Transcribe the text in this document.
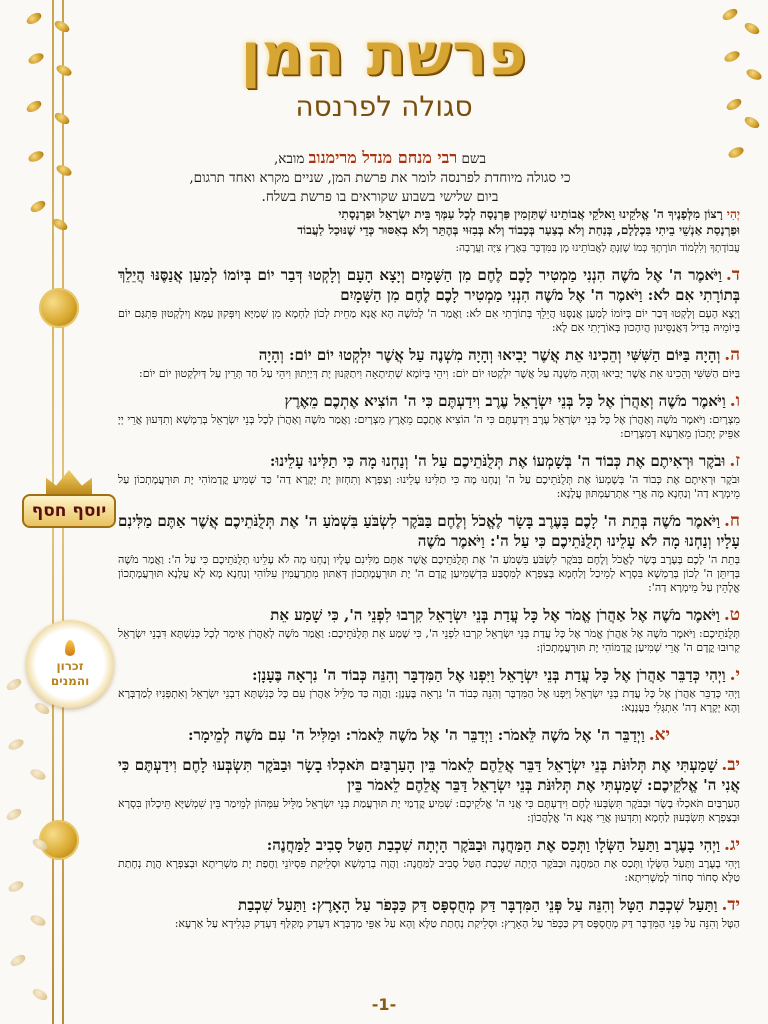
פרשת המן
סגולה לפרנסה
בשם רבי מנחם מנדל מרימנוב מובא,
כי סגולה מיוחדת לפרנסה לומר את פרשת המן, שניים מקרא ואחד תרגום,
ביום שלישי בשבוע שקוראים בו פרשת בשלח.
יְהִי רָצוֹן מִלְּפָנֶיךָ ה' אֱלֹקֵינוּ וֵאלֹקֵי אֲבוֹתֵינוּ שֶׁתַּזְמִין פַּרְנָסָה לְכָל עַמְּךָ בֵּית יִשְׂרָאֵל וּפַרְנָסָתִי
וּפַרְנָסַת אַנְשֵׁי בֵיתִי בִּכְלָלָם, בְּנַחַת וְלֹא בְצַעַר בְּכָבוֹד וְלֹא בְּבִזּוּי בְּהֶתֵּר וְלֹא בְאִסּוּר כְּדֵי שֶׁנּוּכַל לַעֲבוֹד
עֲבוֹדָתְךָ וְלִלְמוֹד תּוֹרָתְךָ כְּמוֹ שֶׁזַּנְתָּ לַאֲבוֹתֵינוּ מָן בַּמִּדְבָּר בְּאֶרֶץ צִיָּה וַעֲרָבָה:
ד.וַיֹּאמֶר ה' אֶל מֹשֶׁה הִנְנִי מַמְטִיר לָכֶם לֶחֶם מִן הַשָּׁמָיִם וְיָצָא הָעָם וְלָקְטוּ דְּבַר יוֹם בְּיוֹמוֹ לְמַעַן אֲנַסֶּנּוּ הֲיֵלֵךְ בְּתוֹרָתִי אִם לֹא: וַיֹּאמֶר ה' אֶל מֹשֶׁה הִנְנִי מַמְטִיר לָכֶם לֶחֶם מִן הַשָּׁמָיִם
וְיָצָא הָעָם וְלָקְטוּ דְּבַר יוֹם בְּיוֹמוֹ לְמַעַן אֲנַסֶּנּוּ הֲיֵלֵךְ בְּתוֹרָתִי אִם לֹא: וַאֲמַר ה' לְמֹשֶׁה הָא אֲנָא מַחֵית לְכוֹן לַחְמָא מִן שְׁמַיָּא וְיִפְּקוּן עַמָּא וְיִלְקְטוּן פִּתְגַּם יוֹם בְּיוֹמֵיהּ בְּדִיל דַּאֲנַסֵּינוּן הֲיִהָכוּן בְּאוֹרָיְתִי אִם לָא:
ה.וְהָיָה בַּיּוֹם הַשִּׁשִּׁי וְהֵכִינוּ אֵת אֲשֶׁר יָבִיאוּ וְהָיָה מִשְׁנֶה עַל אֲשֶׁר יִלְקְטוּ יוֹם יוֹם: וְהָיָה
בַּיּוֹם הַשִּׁשִּׁי וְהֵכִינוּ אֵת אֲשֶׁר יָבִיאוּ וְהָיָה מִשְׁנֶה עַל אֲשֶׁר יִלְקְטוּ יוֹם יוֹם: וִיהֵי בְּיוֹמָא שְׁתִיתָאָה וִיתַקְּנוּן יָת דְּיַיְתוּן וִיהֵי עַל חַד תְּרֵין עַל דְּיִלְקְטוּן יוֹם יוֹם:
ו.וַיֹּאמֶר מֹשֶׁה וְאַהֲרֹן אֶל כָּל בְּנֵי יִשְׂרָאֵל עֶרֶב וִידַעְתֶּם כִּי ה' הוֹצִיא אֶתְכֶם מֵאֶרֶץ
מִצְרָיִם: וַיֹּאמֶר מֹשֶׁה וְאַהֲרֹן אֶל כָּל בְּנֵי יִשְׂרָאֵל עֶרֶב וִידַעְתֶּם כִּי ה' הוֹצִיא אֶתְכֶם מֵאֶרֶץ מִצְרָיִם: וַאֲמַר מֹשֶׁה וְאַהֲרֹן לְכָל בְּנֵי יִשְׂרָאֵל בְּרַמְשָׁא וְתִדְּעוּן אֲרֵי יְיָ אַפֵּיק יָתְכוֹן מֵאַרְעָא דְמִצְרָיִם:
ז.וּבֹקֶר וּרְאִיתֶם אֶת כְּבוֹד ה' בְּשָׁמְעוֹ אֶת תְּלֻנֹּתֵיכֶם עַל ה' וְנַחְנוּ מָה כִּי תַלִּינוּ עָלֵינוּ:
וּבֹקֶר וּרְאִיתֶם אֶת כְּבוֹד ה' בְּשָׁמְעוֹ אֶת תְּלֻנֹּתֵיכֶם עַל ה' וְנַחְנוּ מָה כִּי תַלִּינוּ עָלֵינוּ: וְצַפְרָא וְתִחְזוּן יָת יְקָרָא דַה' כַּד שְׁמִיעַ קֳדָמוֹהִי יָת תּוּרְעֲמָתְכוֹן עַל מֵימְרָא דַה' וְנַחְנָא מָה אֲרֵי אַתְרַעַמְתּוּן עֲלָנָא:
ח.וַיֹּאמֶר מֹשֶׁה בְּתֵת ה' לָכֶם בָּעֶרֶב בָּשָׂר לֶאֱכֹל וְלֶחֶם בַּבֹּקֶר לִשְׂבֹּעַ בִּשְׁמֹעַ ה' אֶת תְּלֻנֹּתֵיכֶם אֲשֶׁר אַתֶּם מַלִּינִם עָלָיו וְנַחְנוּ מָה לֹא עָלֵינוּ תְלֻנֹּתֵיכֶם כִּי עַל ה': וַיֹּאמֶר מֹשֶׁה
בְּתֵת ה' לָכֶם בָּעֶרֶב בָּשָׂר לֶאֱכֹל וְלֶחֶם בַּבֹּקֶר לִשְׂבֹּעַ בִּשְׁמֹעַ ה' אֶת תְּלֻנֹּתֵיכֶם אֲשֶׁר אַתֶּם מַלִּינִם עָלָיו וְנַחְנוּ מָה לֹא עָלֵינוּ תְלֻנֹּתֵיכֶם כִּי עַל ה': וַאֲמַר מֹשֶׁה בְּדְיִתֵּן ה' לְכוֹן בְּרַמְשָׁא בִּסְרָא לְמֵיכַל וְלַחְמָא בְּצַפְרָא לְמִסְבַּע בִּדְשְׁמִיעַן קֳדָם ה' יָת תּוּרְעֲמָתְכוֹן דְּאַתּוּן מִתְרַעֲמִין עִלּוֹהִי וְנַחְנָא מָא לָא עֲלָנָא תּוּרְעֲמָתְכוֹן אֱלָהֵין עַל מֵימְרָא דַה':
ט.וַיֹּאמֶר מֹשֶׁה אֶל אַהֲרֹן אֱמֹר אֶל כָּל עֲדַת בְּנֵי יִשְׂרָאֵל קִרְבוּ לִפְנֵי ה', כִּי שָׁמַע אֵת
תְּלֻנֹּתֵיכֶם: וַיֹּאמֶר מֹשֶׁה אֶל אַהֲרֹן אֱמֹר אֶל כָּל עֲדַת בְּנֵי יִשְׂרָאֵל קִרְבוּ לִפְנֵי ה', כִּי שָׁמַע אֵת תְּלֻנֹּתֵיכֶם: וַאֲמַר מֹשֶׁה לְאַהֲרֹן אֵימַר לְכָל כְּנִשְׁתָּא דִּבְנֵי יִשְׂרָאֵל קְרוּבוּ קֳדָם ה' אֲרֵי שְׁמִיעַן קֳדָמוֹהִי יָת תּוּרְעֲמָתְכוֹן:
י.וַיְהִי כְּדַבֵּר אַהֲרֹן אֶל כָּל עֲדַת בְּנֵי יִשְׂרָאֵל וַיִּפְנוּ אֶל הַמִּדְבָּר וְהִנֵּה כְּבוֹד ה' נִרְאָה בֶּעָנָן:
וַיְהִי כְּדַבֵּר אַהֲרֹן אֶל כָּל עֲדַת בְּנֵי יִשְׂרָאֵל וַיִּפְנוּ אֶל הַמִּדְבָּר וְהִנֵּה כְּבוֹד ה' נִרְאָה בֶּעָנָן: וַהֲוָה כַּד מַלֵּיל אַהֲרֹן עִם כָּל כְּנִשְׁתָּא דִבְנֵי יִשְׂרָאֵל וְאִתְפְּנִיוּ לְמַדְבְּרָא וְהָא יְקָרָא דַה' אִתְגְּלִי בַּעֲנָנָא:
יא.וַיְדַבֵּר ה' אֶל מֹשֶׁה לֵּאמֹר: וַיְדַבֵּר ה' אֶל מֹשֶׁה לֵּאמֹר: וּמַלִּיל ה' עִם מֹשֶׁה לְמֵימָר:
יב.שָׁמַעְתִּי אֶת תְּלוּנֹּת בְּנֵי יִשְׂרָאֵל דַּבֵּר אֲלֵהֶם לֵאמֹר בֵּין הָעַרְבַּיִם תֹּאכְלוּ בָשָׂר וּבַבֹּקֶר תִּשְׂבְּעוּ לָחֶם וִידַעְתֶּם כִּי אֲנִי ה' אֱלֹקֵיכֶם: שָׁמַעְתִּי אֶת תְּלוּנֹּת בְּנֵי יִשְׂרָאֵל דַּבֵּר אֲלֵהֶם לֵאמֹר בֵּין
הָעַרְבַּיִם תֹּאכְלוּ בָשָׂר וּבַבֹּקֶר תִּשְׂבְּעוּ לָחֶם וִידַעְתֶּם כִּי אֲנִי ה' אֱלֹקֵיכֶם: שְׁמִיעַ קֳדָמַי יָת תּוּרְעֲמַת בְּנֵי יִשְׂרָאֵל מַלֵּיל עִמְּהוֹן לְמֵימַר בֵּין שִׁמְשַׁיָּא תֵּיכְלוּן בִּסְרָא וּבְצַפְרָא תִּשְׂבְּעוּן לַחְמָא וְתִדְּעוּן אֲרֵי אֲנָא ה' אֱלָהֲכוֹן:
יג.וַיְהִי בָעֶרֶב וַתַּעַל הַשְּׂלָו וַתְּכַס אֶת הַמַּחֲנֶה וּבַבֹּקֶר הָיְתָה שִׁכְבַת הַטַּל סָבִיב לַמַּחֲנֶה:
וַיְהִי בָעֶרֶב וַתַּעַל הַשְּׂלָו וַתְּכַס אֶת הַמַּחֲנֶה וּבַבֹּקֶר הָיְתָה שִׁכְבַת הַטַּל סָבִיב לַמַּחֲנֶה: וַהֲוָה בְרַמְשָׁא וּסְלֵיקַת פִּסְיוֹנֵי וַחֲפַת יָת מַשְׁרִיתָא וּבְצַפְרָא הֲוָת נְחָתַת טַלָּא סְחוֹר סְחוֹר לְמַשְׁרִיתָא:
יד.וַתַּעַל שִׁכְבַת הַטָּל וְהִנֵּה עַל פְּנֵי הַמִּדְבָּר דַּק מְחֻסְפָּס דַּק כַּכְּפֹר עַל הָאָרֶץ: וַתַּעַל שִׁכְבַת
הַטָּל וְהִנֵּה עַל פְּנֵי הַמִּדְבָּר דַּק מְחֻסְפָּס דַּק כַּכְּפֹר עַל הָאָרֶץ: וּסְלֵיקַת נְחָתַת טַלָּא וְהָא עַל אַפֵּי מַדְבְּרָא דַּעְדַק מְקַלַּף דַּעְדַק כִּגְלִידָא עַל אַרְעָא:
יוסף חסף
זכרון
והמנים
-1-
